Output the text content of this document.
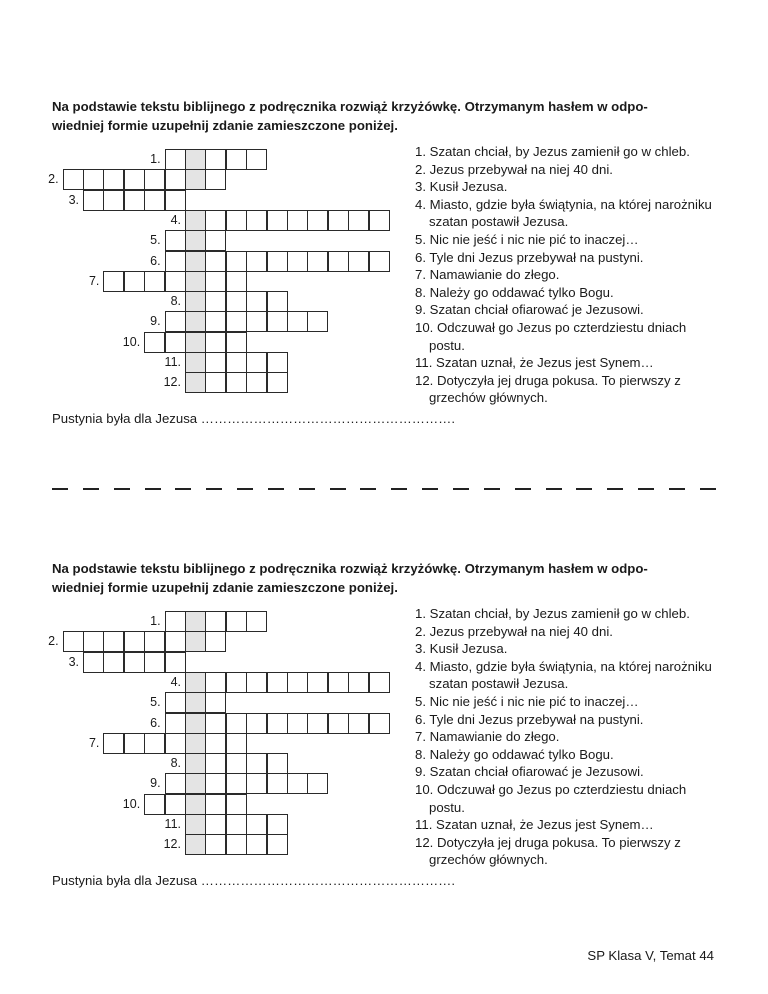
Na podstawie tekstu biblijnego z podręcznika rozwiąż krzyżówkę. Otrzymanym hasłem w odpo-
wiedniej formie uzupełnij zdanie zamieszczone poniżej.

1.
2.
3.
4.
5.
6.
7.
8.
9.
10.
11.
12.
1. Szatan chciał, by Jezus zamienił go w chleb.
2. Jezus przebywał na niej 40 dni.
3. Kusił Jezusa.
4. Miasto, gdzie była świątynia, na której narożniku szatan postawił Jezusa.
5. Nic nie jeść i nic nie pić to inaczej…
6. Tyle dni Jezus przebywał na pustyni.
7. Namawianie do złego.
8. Należy go oddawać tylko Bogu.
9. Szatan chciał ofiarować je Jezusowi.
10. Odczuwał go Jezus po czterdziestu dniach postu.
11. Szatan uznał, że Jezus jest Synem…
12. Dotyczyła jej druga pokusa. To pierwszy z grzechów głównych.

Pustynia była dla Jezusa ………………………………………………….

Na podstawie tekstu biblijnego z podręcznika rozwiąż krzyżówkę. Otrzymanym hasłem w odpo-
wiedniej formie uzupełnij zdanie zamieszczone poniżej.

1.
2.
3.
4.
5.
6.
7.
8.
9.
10.
11.
12.
1. Szatan chciał, by Jezus zamienił go w chleb.
2. Jezus przebywał na niej 40 dni.
3. Kusił Jezusa.
4. Miasto, gdzie była świątynia, na której narożniku szatan postawił Jezusa.
5. Nic nie jeść i nic nie pić to inaczej…
6. Tyle dni Jezus przebywał na pustyni.
7. Namawianie do złego.
8. Należy go oddawać tylko Bogu.
9. Szatan chciał ofiarować je Jezusowi.
10. Odczuwał go Jezus po czterdziestu dniach postu.
11. Szatan uznał, że Jezus jest Synem…
12. Dotyczyła jej druga pokusa. To pierwszy z grzechów głównych.

Pustynia była dla Jezusa ………………………………………………….

SP Klasa V, Temat 44
